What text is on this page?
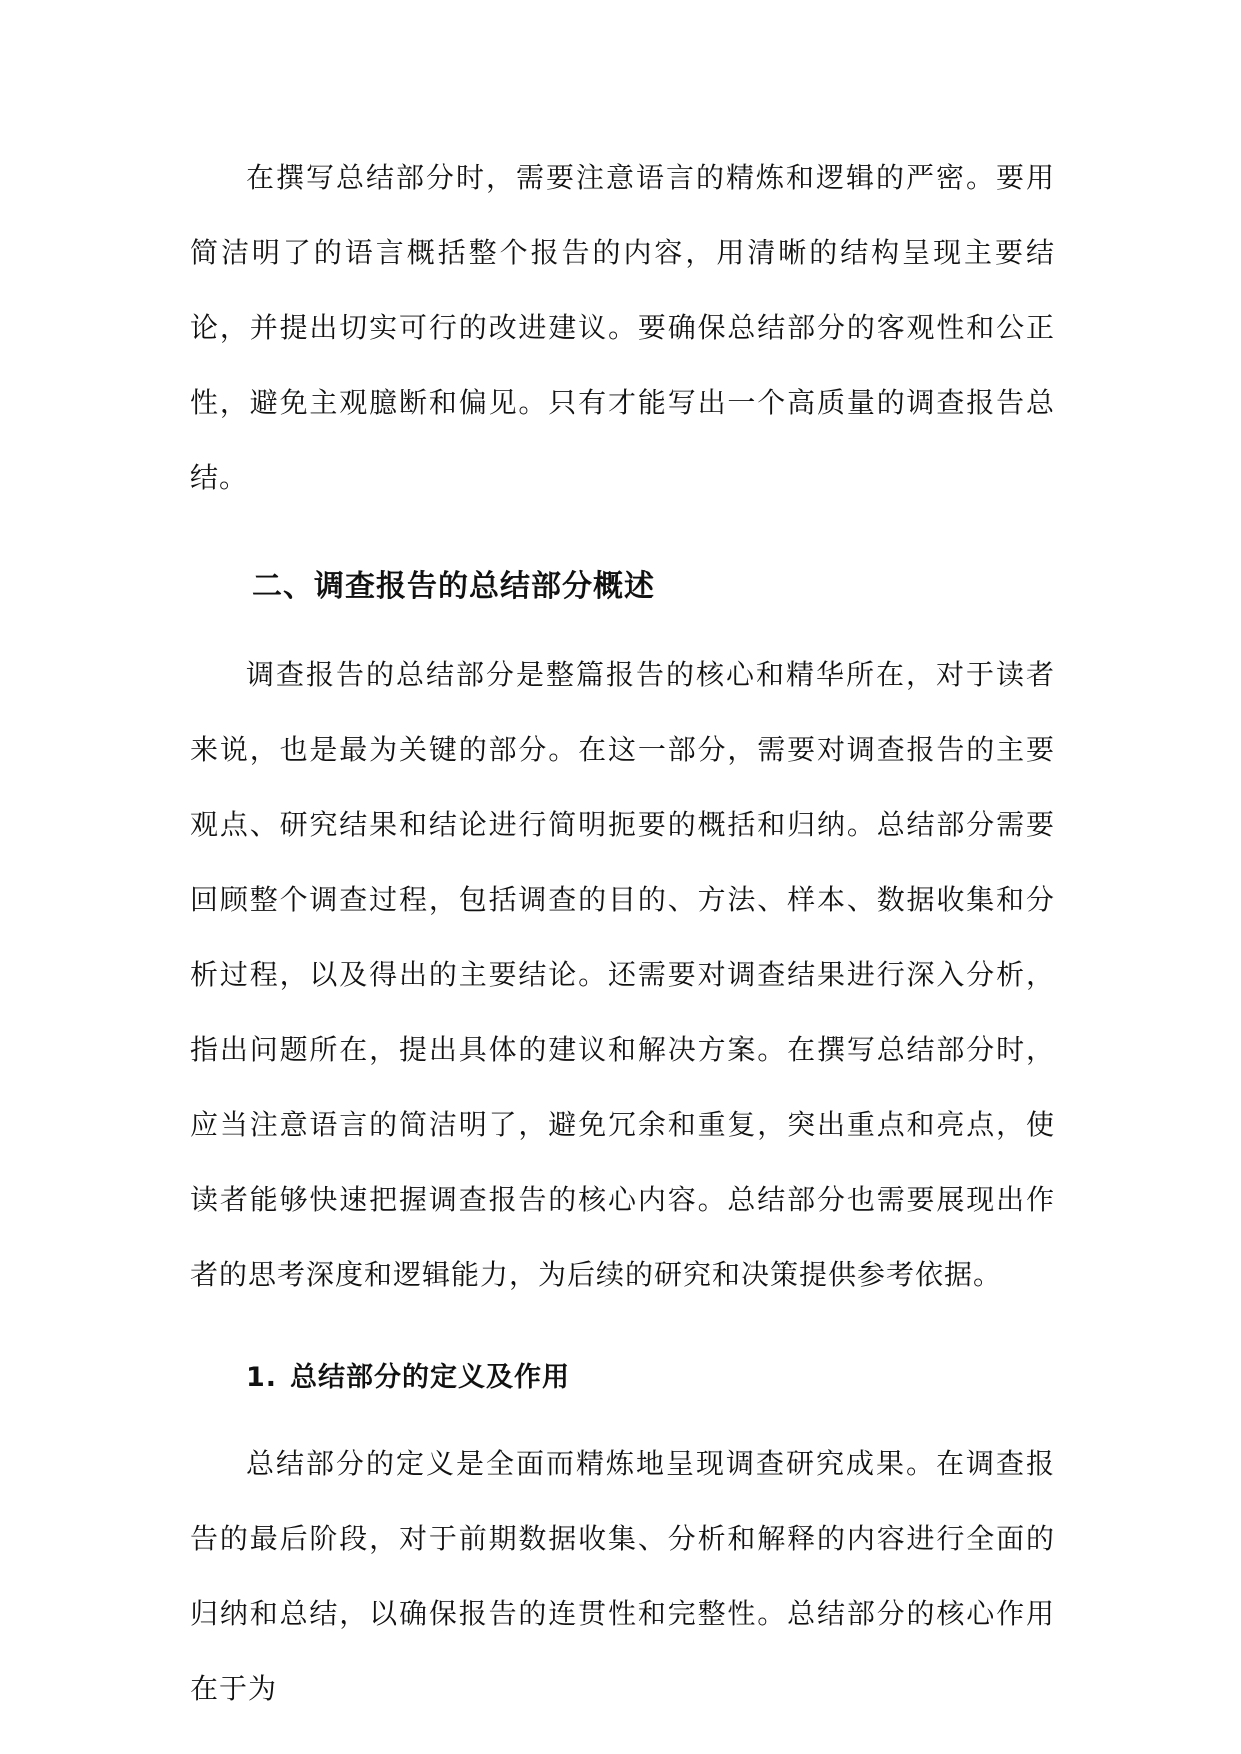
在撰写总结部分时，需要注意语言的精炼和逻辑的严密。要用简洁明了的语言概括整个报告的内容，用清晰的结构呈现主要结论，并提出切实可行的改进建议。要确保总结部分的客观性和公正性，避免主观臆断和偏见。只有才能写出一个高质量的调查报告总结。

二、调查报告的总结部分概述

调查报告的总结部分是整篇报告的核心和精华所在，对于读者来说，也是最为关键的部分。在这一部分，需要对调查报告的主要观点、研究结果和结论进行简明扼要的概括和归纳。总结部分需要回顾整个调查过程，包括调查的目的、方法、样本、数据收集和分析过程，以及得出的主要结论。还需要对调查结果进行深入分析，指出问题所在，提出具体的建议和解决方案。在撰写总结部分时，应当注意语言的简洁明了，避免冗余和重复，突出重点和亮点，使读者能够快速把握调查报告的核心内容。总结部分也需要展现出作者的思考深度和逻辑能力，为后续的研究和决策提供参考依据。

1. 总结部分的定义及作用

总结部分的定义是全面而精炼地呈现调查研究成果。在调查报告的最后阶段，对于前期数据收集、分析和解释的内容进行全面的归纳和总结，以确保报告的连贯性和完整性。总结部分的核心作用在于为
